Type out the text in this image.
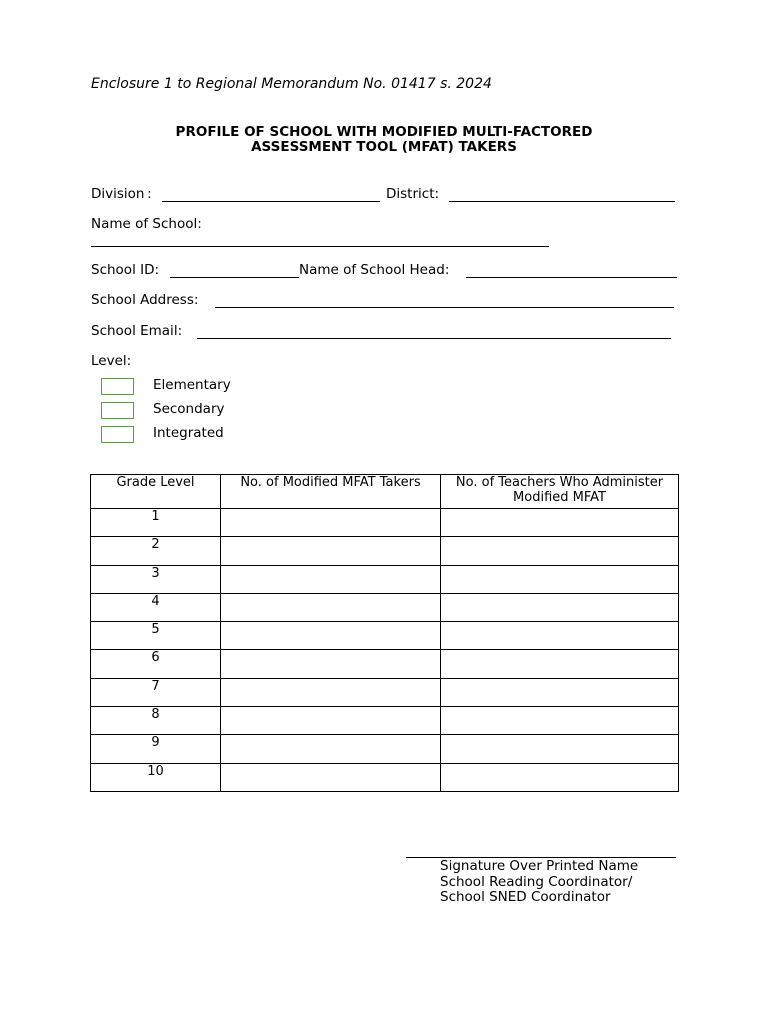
Enclosure 1 to Regional Memorandum No. 01417 s. 2024
PROFILE OF SCHOOL WITH MODIFIED MULTI-FACTORED
ASSESSMENT TOOL (MFAT) TAKERS
Division :	District:
Name of School:
School ID:	Name of School Head:
School Address:
School Email:
Level:
Elementary
Secondary
Integrated
Grade Level	No. of Modified MFAT Takers	No. of Teachers Who Administer Modified MFAT
1		
2		
3		
4		
5		
6		
7		
8		
9		
10		
Signature Over Printed Name
School Reading Coordinator/
School SNED Coordinator
